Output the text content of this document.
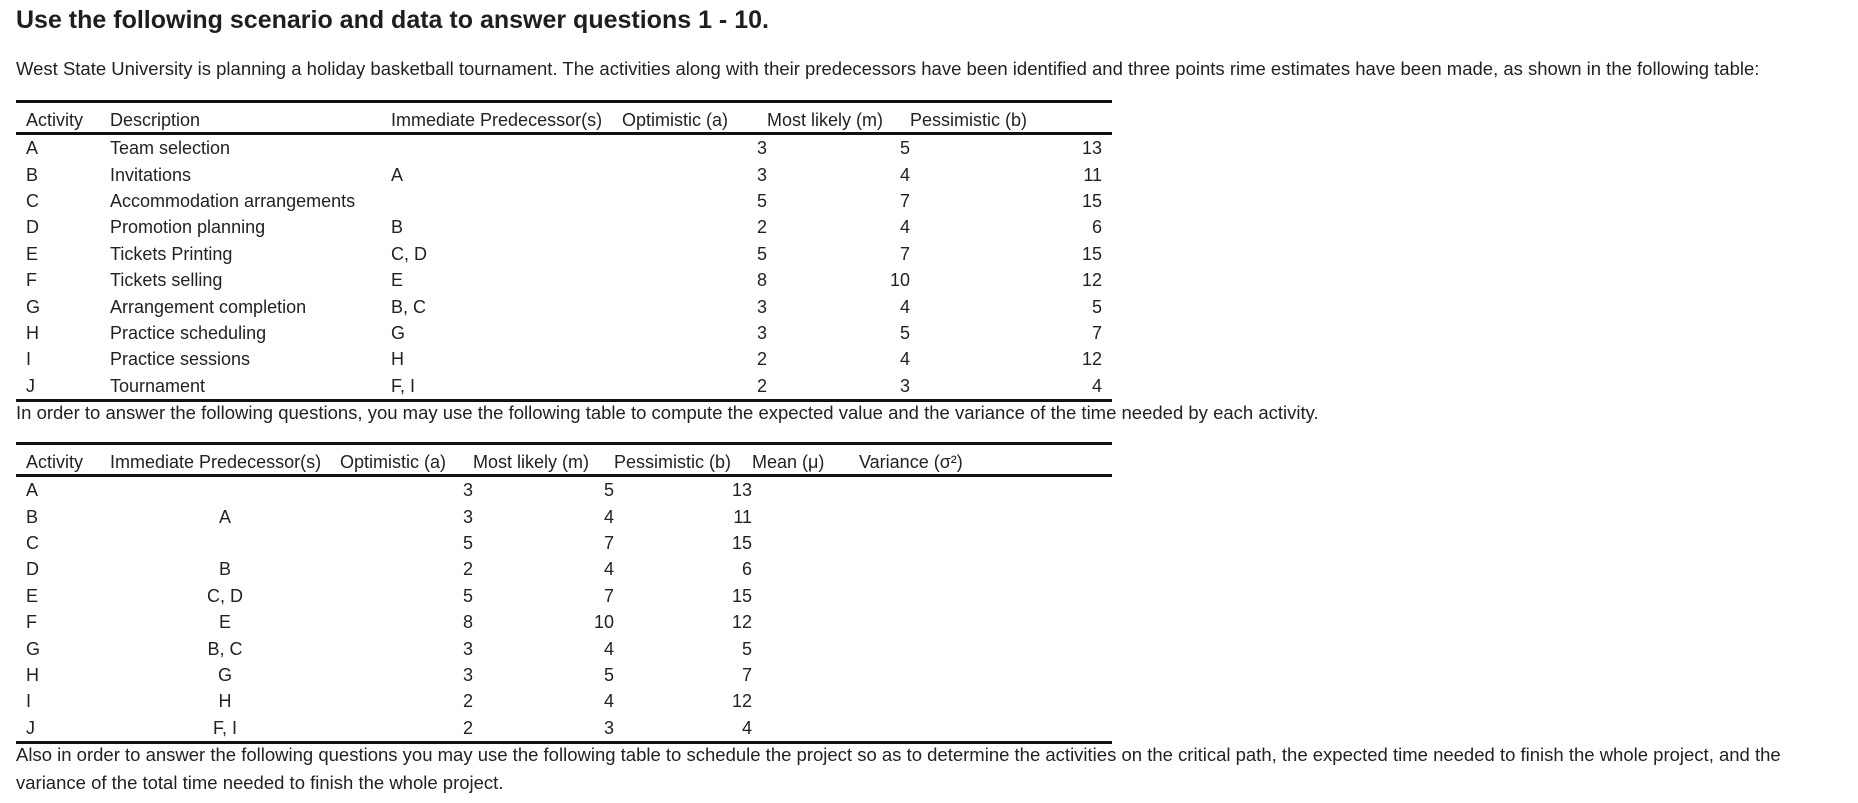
Use the following scenario and data to answer questions 1 - 10.
West State University is planning a holiday basketball tournament. The activities along with their predecessors have been identified and three points rime estimates have been made, as shown in the following table:
Activity	Description	Immediate Predecessor(s)	Optimistic (a)	Most likely (m)	Pessimistic (b)
A	Team selection		3	5	13
B	Invitations	A	3	4	11
C	Accommodation arrangements		5	7	15
D	Promotion planning	B	2	4	6
E	Tickets Printing	C, D	5	7	15
F	Tickets selling	E	8	10	12
G	Arrangement completion	B, C	3	4	5
H	Practice scheduling	G	3	5	7
I	Practice sessions	H	2	4	12
J	Tournament	F, I	2	3	4
In order to answer the following questions, you may use the following table to compute the expected value and the variance of the time needed by each activity.
Activity	Immediate Predecessor(s)	Optimistic (a)	Most likely (m)	Pessimistic (b)	Mean (μ)	Variance (σ²)
A		3	5	13		
B	A	3	4	11		
C		5	7	15		
D	B	2	4	6		
E	C, D	5	7	15		
F	E	8	10	12		
G	B, C	3	4	5		
H	G	3	5	7		
I	H	2	4	12		
J	F, I	2	3	4		
Also in order to answer the following questions you may use the following table to schedule the project so as to determine the activities on the critical path, the expected time needed to finish the whole project, and the
variance of the total time needed to finish the whole project.
